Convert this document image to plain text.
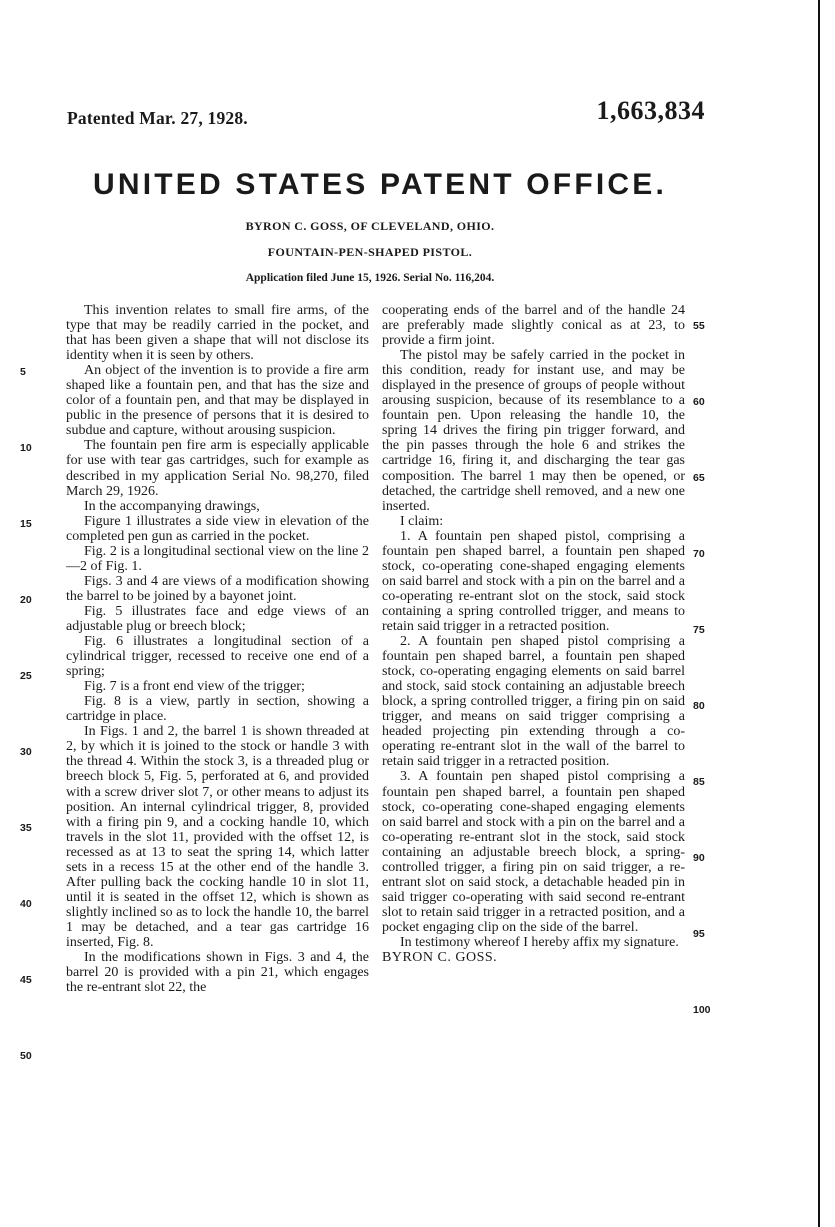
Patented Mar. 27, 1928.	1,663,834
UNITED STATES PATENT OFFICE.
BYRON C. GOSS, OF CLEVELAND, OHIO.
FOUNTAIN-PEN-SHAPED PISTOL.
Application filed June 15, 1926. Serial No. 116,204.

This invention relates to small fire arms, of the type that may be readily carried in the pocket, and that has been given a shape that will not disclose its identity when it is seen by others.

An object of the invention is to provide a fire arm shaped like a fountain pen, and that has the size and color of a fountain pen, and that may be displayed in public in the presence of persons that it is desired to subdue and capture, without arousing suspicion.

The fountain pen fire arm is especially applicable for use with tear gas cartridges, such for example as described in my application Serial No. 98,270, filed March 29, 1926.

In the accompanying drawings,

Figure 1 illustrates a side view in elevation of the completed pen gun as carried in the pocket.

Fig. 2 is a longitudinal sectional view on the line 2—2 of Fig. 1.

Figs. 3 and 4 are views of a modification showing the barrel to be joined by a bayonet joint.

Fig. 5 illustrates face and edge views of an adjustable plug or breech block;

Fig. 6 illustrates a longitudinal section of a cylindrical trigger, recessed to receive one end of a spring;

Fig. 7 is a front end view of the trigger;

Fig. 8 is a view, partly in section, showing a cartridge in place.

In Figs. 1 and 2, the barrel 1 is shown threaded at 2, by which it is joined to the stock or handle 3 with the thread 4. Within the stock 3, is a threaded plug or breech block 5, Fig. 5, perforated at 6, and provided with a screw driver slot 7, or other means to adjust its position. An internal cylindrical trigger, 8, provided with a firing pin 9, and a cocking handle 10, which travels in the slot 11, provided with the offset 12, is recessed as at 13 to seat the spring 14, which latter sets in a recess 15 at the other end of the handle 3. After pulling back the cocking handle 10 in slot 11, until it is seated in the offset 12, which is shown as slightly inclined so as to lock the handle 10, the barrel 1 may be detached, and a tear gas cartridge 16 inserted, Fig. 8.

In the modifications shown in Figs. 3 and 4, the barrel 20 is provided with a pin 21, which engages the re-entrant slot 22, the

cooperating ends of the barrel and of the handle 24 are preferably made slightly conical as at 23, to provide a firm joint.

The pistol may be safely carried in the pocket in this condition, ready for instant use, and may be displayed in the presence of groups of people without arousing suspicion, because of its resemblance to a fountain pen. Upon releasing the handle 10, the spring 14 drives the firing pin trigger forward, and the pin passes through the hole 6 and strikes the cartridge 16, firing it, and discharging the tear gas composition. The barrel 1 may then be opened, or detached, the cartridge shell removed, and a new one inserted.

I claim:

1. A fountain pen shaped pistol, comprising a fountain pen shaped barrel, a fountain pen shaped stock, co-operating cone-shaped engaging elements on said barrel and stock with a pin on the barrel and a co-operating re-entrant slot on the stock, said stock containing a spring controlled trigger, and means to retain said trigger in a retracted position.

2. A fountain pen shaped pistol comprising a fountain pen shaped barrel, a fountain pen shaped stock, co-operating engaging elements on said barrel and stock, said stock containing an adjustable breech block, a spring controlled trigger, a firing pin on said trigger, and means on said trigger comprising a headed projecting pin extending through a co-operating re-entrant slot in the wall of the barrel to retain said trigger in a retracted position.

3. A fountain pen shaped pistol comprising a fountain pen shaped barrel, a fountain pen shaped stock, co-operating cone-shaped engaging elements on said barrel and stock with a pin on the barrel and a co-operating re-entrant slot in the stock, said stock containing an adjustable breech block, a spring-controlled trigger, a firing pin on said trigger, a re-entrant slot on said stock, a detachable headed pin in said trigger co-operating with said second re-entrant slot to retain said trigger in a retracted position, and a pocket engaging clip on the side of the barrel.

In testimony whereof I hereby affix my signature.

BYRON C. GOSS.

5
10
15
20
25
30
35
40
45
50
55
60
65
70
75
80
85
90
95
100
